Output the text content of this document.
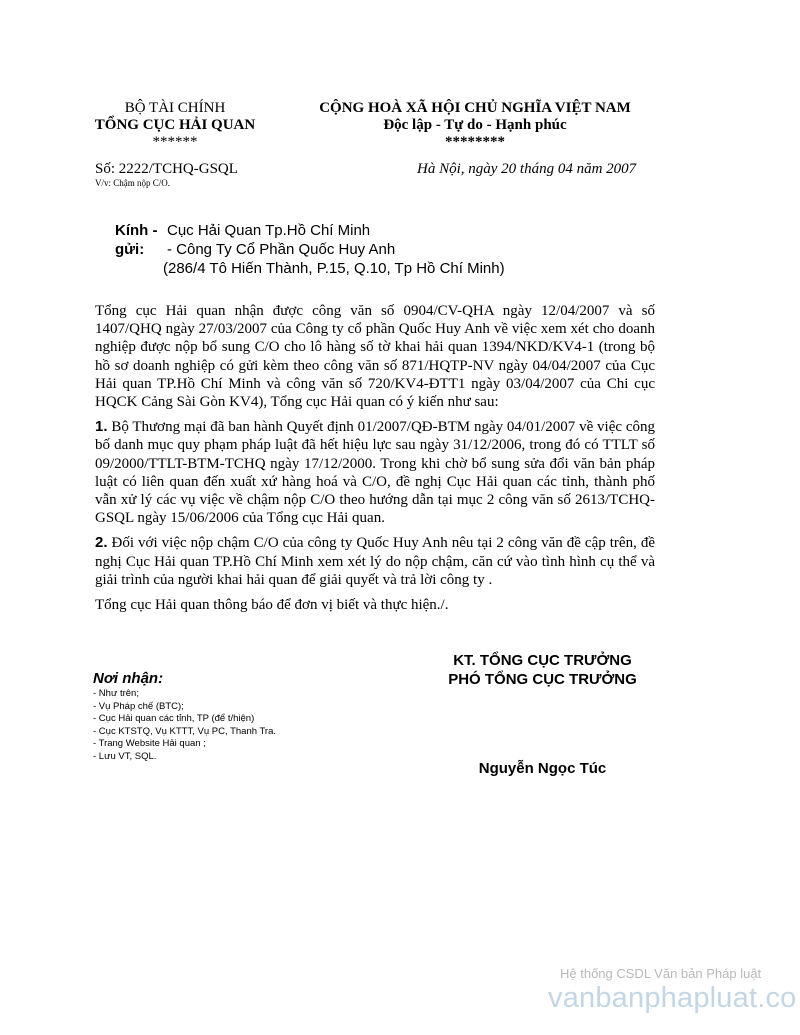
BỘ TÀI CHÍNH
TỔNG CỤC HẢI QUAN
******
CỘNG HOÀ XÃ HỘI CHỦ NGHĨA VIỆT NAM
Độc lập - Tự do - Hạnh phúc
********
Số: 2222/TCHQ-GSQL
V/v: Chậm nộp C/O.
Hà Nội, ngày 20 tháng 04 năm 2007
Kính - Cục Hải Quan Tp.Hồ Chí Minh
gửi:	- Công Ty Cổ Phần Quốc Huy Anh
(286/4 Tô Hiến Thành, P.15, Q.10, Tp Hồ Chí Minh)

Tổng cục Hải quan nhận được công văn số 0904/CV-QHA ngày 12/04/2007 và số 1407/QHQ ngày 27/03/2007 của Công ty cổ phần Quốc Huy Anh về việc xem xét cho doanh nghiệp được nộp bổ sung C/O cho lô hàng số tờ khai hải quan 1394/NKD/KV4-1 (trong bộ hồ sơ doanh nghiệp có gửi kèm theo công văn số 871/HQTP-NV ngày 04/04/2007 của Cục Hải quan TP.Hồ Chí Minh và công văn số 720/KV4-ĐTT1 ngày 03/04/2007 của Chi cục HQCK Cảng Sài Gòn KV4), Tổng cục Hải quan có ý kiến như sau:

1. Bộ Thương mại đã ban hành Quyết định 01/2007/QĐ-BTM ngày 04/01/2007 về việc công bố danh mục quy phạm pháp luật đã hết hiệu lực sau ngày 31/12/2006, trong đó có TTLT số 09/2000/TTLT-BTM-TCHQ ngày 17/12/2000. Trong khi chờ bổ sung sửa đổi văn bản pháp luật có liên quan đến xuất xứ hàng hoá và C/O, đề nghị Cục Hải quan các tỉnh, thành phố vẫn xử lý các vụ việc về chậm nộp C/O theo hướng dẫn tại mục 2 công văn số 2613/TCHQ-GSQL ngày 15/06/2006 của Tổng cục Hải quan.

2. Đối với việc nộp chậm C/O của công ty Quốc Huy Anh nêu tại 2 công văn đề cập trên, đề nghị Cục Hải quan TP.Hồ Chí Minh xem xét lý do nộp chậm, căn cứ vào tình hình cụ thể và giải trình của người khai hải quan để giải quyết và trả lời công ty .

Tổng cục Hải quan thông báo để đơn vị biết và thực hiện./.

KT. TỔNG CỤC TRƯỞNG
PHÓ TỔNG CỤC TRƯỞNG
Nguyễn Ngọc Túc
Nơi nhận:
- Như trên;
- Vụ Pháp chế (BTC);
- Cục Hải quan các tỉnh, TP (để t/hiện)
- Cục KTSTQ, Vụ KTTT, Vụ PC, Thanh Tra.
- Trang Website Hải quan ;
- Lưu VT, SQL.
Hệ thống CSDL Văn bản Pháp luật
vanbanphapluat.co
